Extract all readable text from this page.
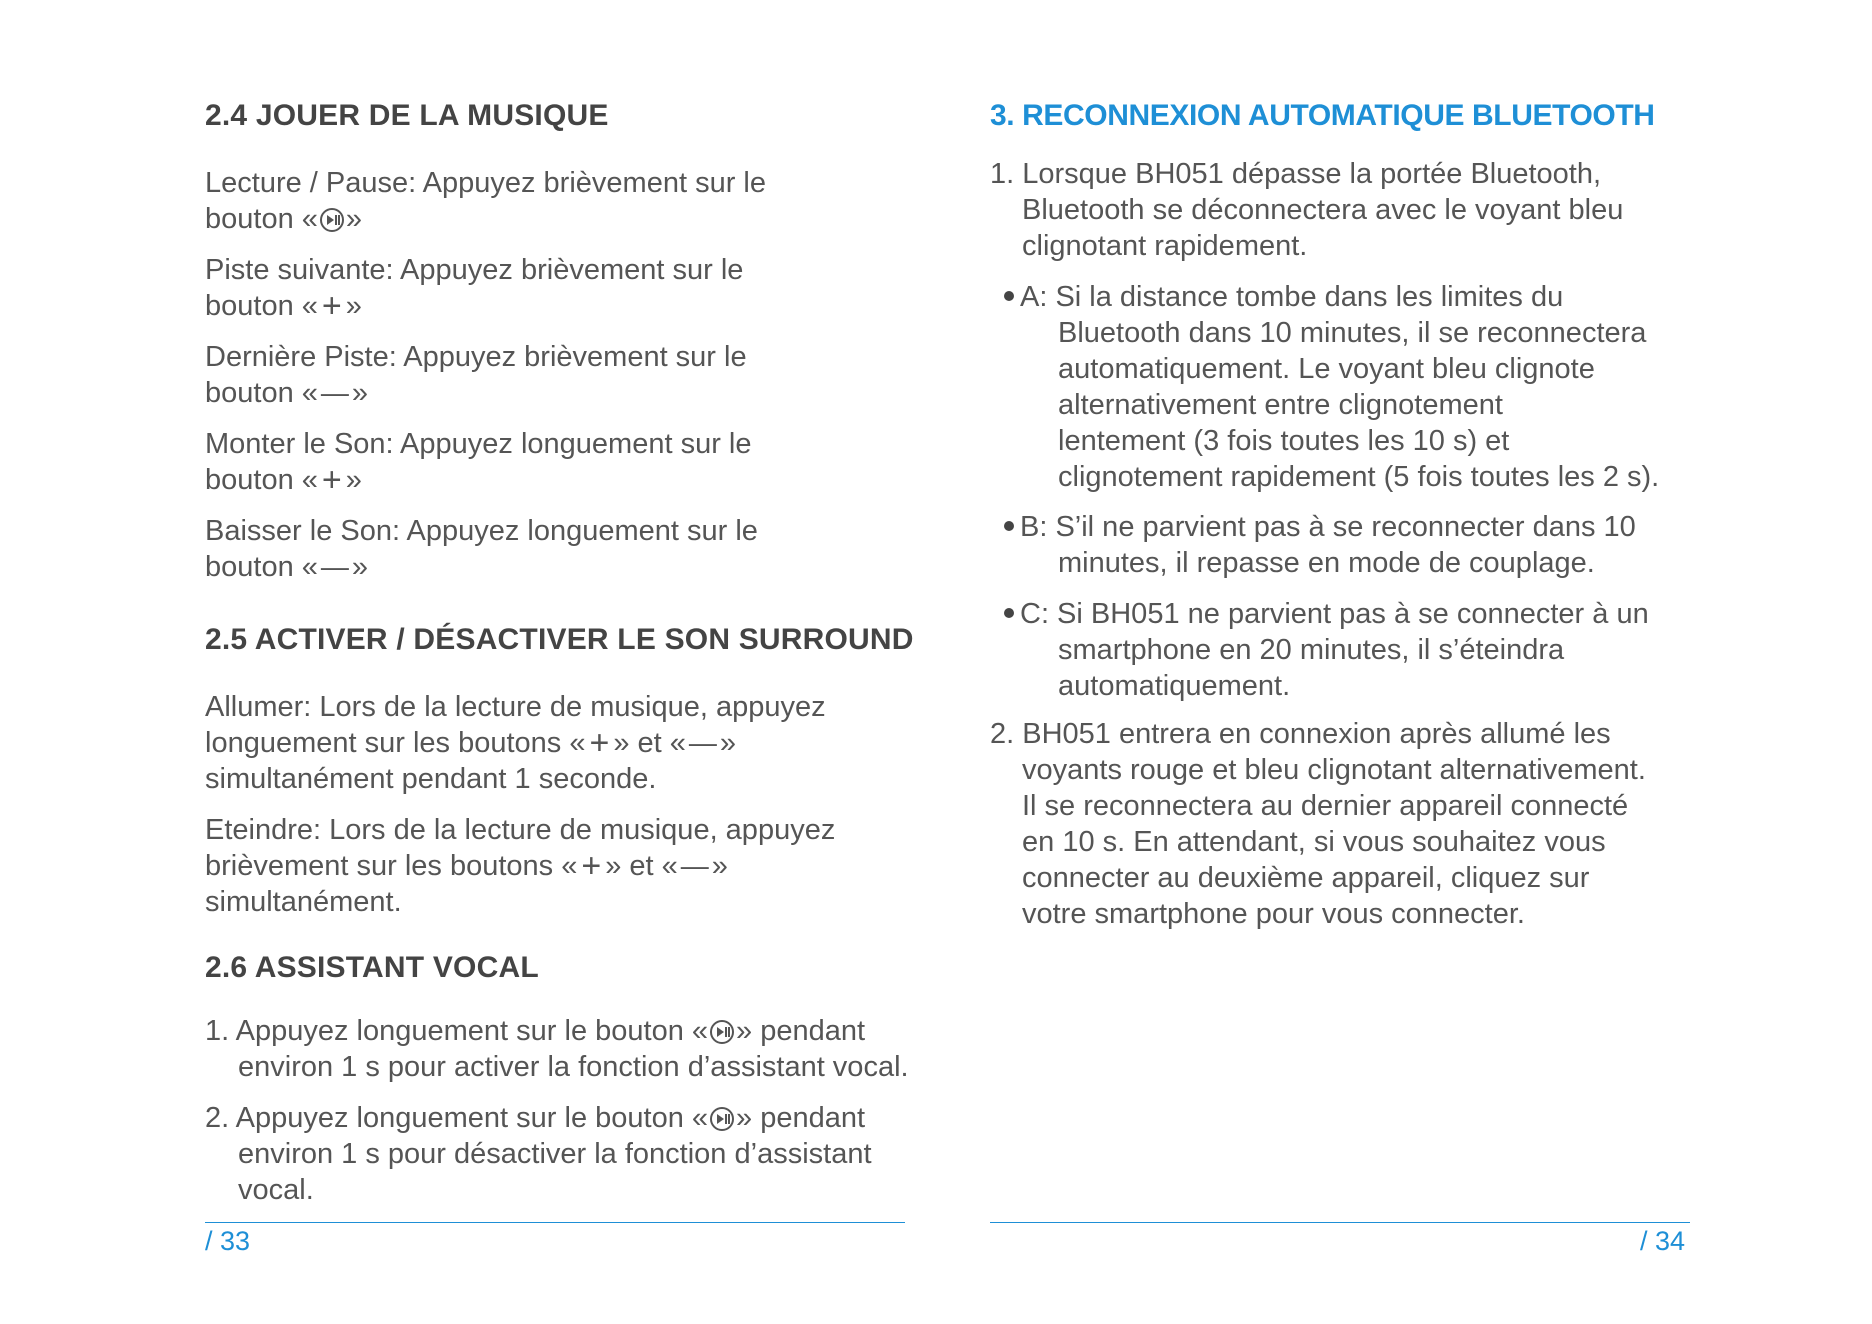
2.4 JOUER DE LA MUSIQUE
Lecture / Pause: Appuyez brièvement sur le
bouton « »
Piste suivante: Appuyez brièvement sur le
bouton « + »
Dernière Piste: Appuyez brièvement sur le
bouton « — »
Monter le Son: Appuyez longuement sur le
bouton « + »
Baisser le Son: Appuyez longuement sur le
bouton « — »
2.5 ACTIVER / DÉSACTIVER LE SON SURROUND
Allumer: Lors de la lecture de musique, appuyez
longuement sur les boutons « + » et « — »
simultanément pendant 1 seconde.
Eteindre: Lors de la lecture de musique, appuyez
brièvement sur les boutons « + » et « — »
simultanément.
2.6 ASSISTANT VOCAL
1. Appuyez longuement sur le bouton « » pendant
environ 1 s pour activer la fonction d’assistant vocal.
2. Appuyez longuement sur le bouton « » pendant
environ 1 s pour désactiver la fonction d’assistant
vocal.
/ 33
3. RECONNEXION AUTOMATIQUE BLUETOOTH
1. Lorsque BH051 dépasse la portée Bluetooth,
Bluetooth se déconnectera avec le voyant bleu
clignotant rapidement.
A: Si la distance tombe dans les limites du
Bluetooth dans 10 minutes, il se reconnectera
automatiquement. Le voyant bleu clignote
alternativement entre clignotement
lentement (3 fois toutes les 10 s) et
clignotement rapidement (5 fois toutes les 2 s).
B: S’il ne parvient pas à se reconnecter dans 10
minutes, il repasse en mode de couplage.
C: Si BH051 ne parvient pas à se connecter à un
smartphone en 20 minutes, il s’éteindra
automatiquement.
2. BH051 entrera en connexion après allumé les
voyants rouge et bleu clignotant alternativement.
Il se reconnectera au dernier appareil connecté
en 10 s. En attendant, si vous souhaitez vous
connecter au deuxième appareil, cliquez sur
votre smartphone pour vous connecter.
/ 34
